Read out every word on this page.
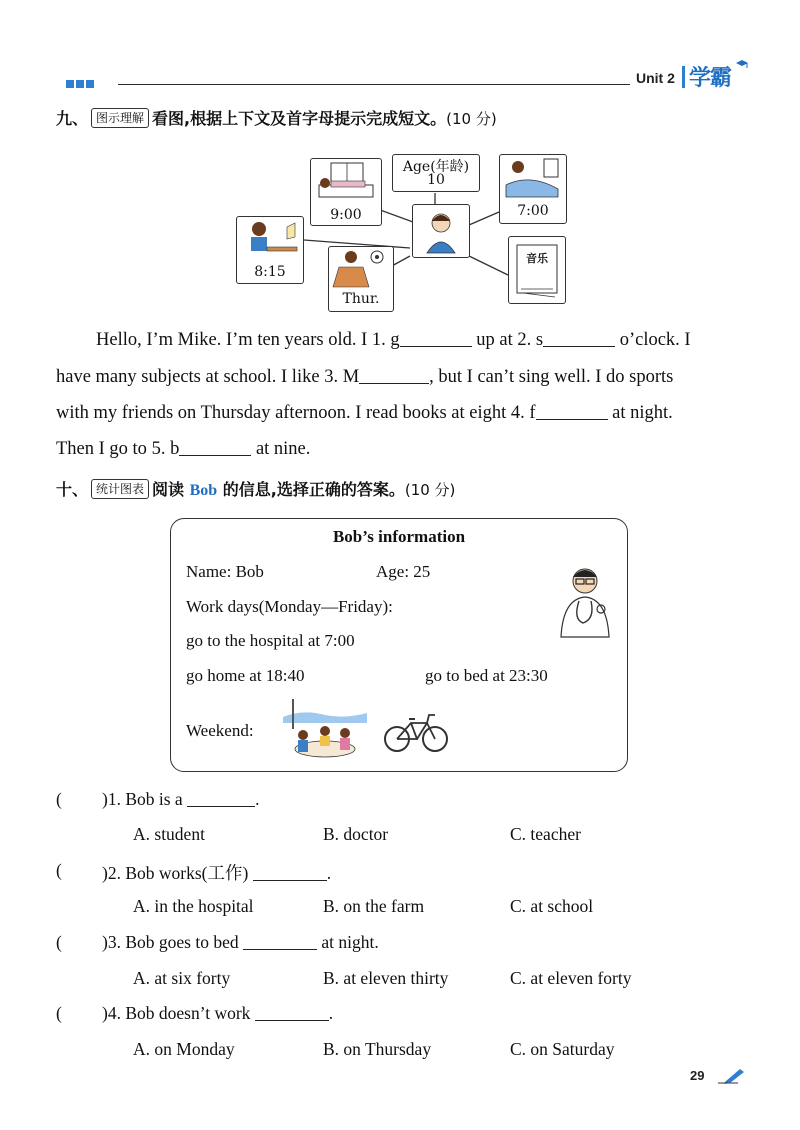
Unit 2 学霸
九、 图示理解 看图,根据上下文及首字母提示完成短文。(10 分)
9:00
Age(年龄)
10
7:00
8:15
Thur.
音乐
Hello, I’m Mike. I’m ten years old. I 1. g	up at 2. s	o’clock. I
have many subjects at school. I like 3. M	, but I can’t sing well. I do sports
with my friends on Thursday afternoon. I read books at eight 4. f	at night.
Then I go to 5. b	at nine.
十、 统计图表 阅读 Bob 的信息,选择正确的答案。(10 分)
Bob’s information
Name: Bob	Age: 25
Work days(Monday—Friday):
go to the hospital at 7:00
go home at 18:40	go to bed at 23:30
Weekend:
( )1. Bob is a	.
A. student	B. doctor	C. teacher
( )2. Bob works(工作)	.
A. in the hospital	B. on the farm	C. at school
( )3. Bob goes to bed	at night.
A. at six forty	B. at eleven thirty	C. at eleven forty
( )4. Bob doesn’t work	.
A. on Monday	B. on Thursday	C. on Saturday
29
